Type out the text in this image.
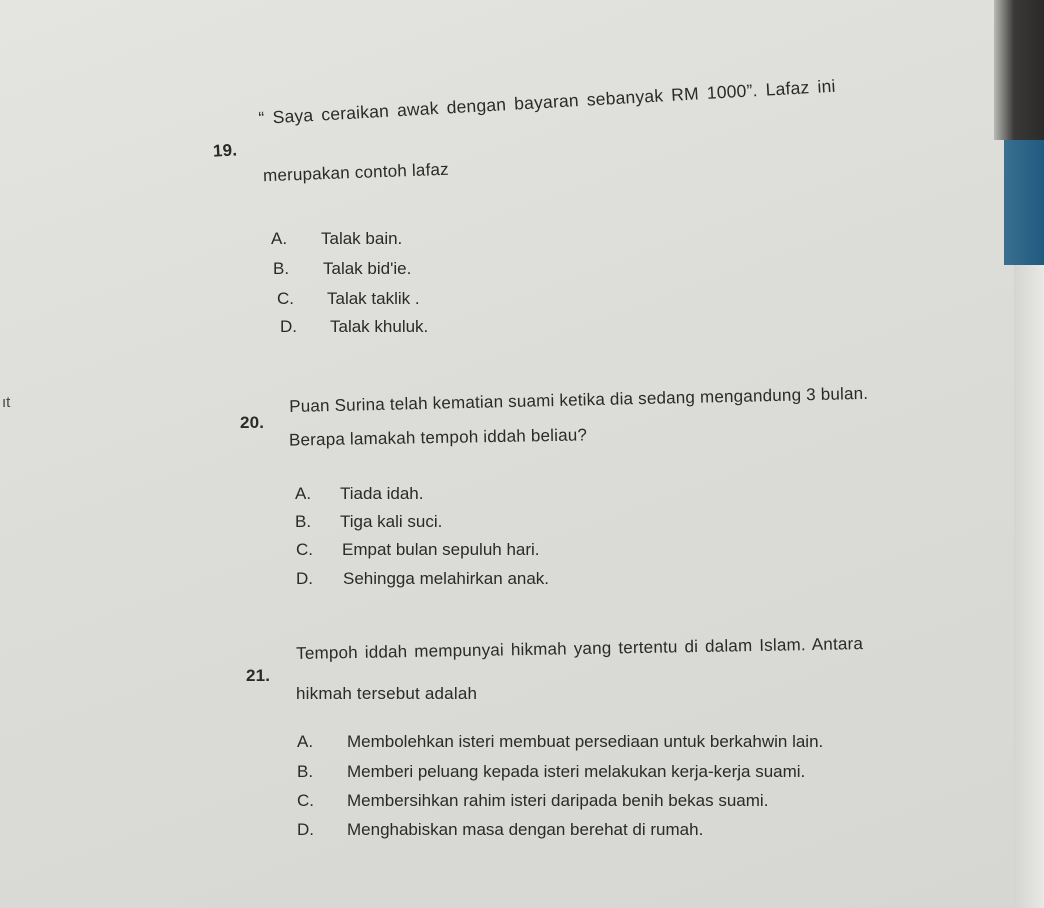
ıt
19.
“ Saya ceraikan awak dengan bayaran sebanyak RM 1000”. Lafaz ini
merupakan contoh lafaz
A. Talak bain.
B. Talak bid'ie.
C. Talak taklik .
D. Talak khuluk.
20.
Puan Surina telah kematian suami ketika dia sedang mengandung 3 bulan.
Berapa lamakah tempoh iddah beliau?
A. Tiada idah.
B. Tiga kali suci.
C. Empat bulan sepuluh hari.
D. Sehingga melahirkan anak.
21.
Tempoh iddah mempunyai hikmah yang tertentu di dalam Islam. Antara
hikmah tersebut adalah
A. Membolehkan isteri membuat persediaan untuk berkahwin lain.
B. Memberi peluang kepada isteri melakukan kerja-kerja suami.
C. Membersihkan rahim isteri daripada benih bekas suami.
D. Menghabiskan masa dengan berehat di rumah.
